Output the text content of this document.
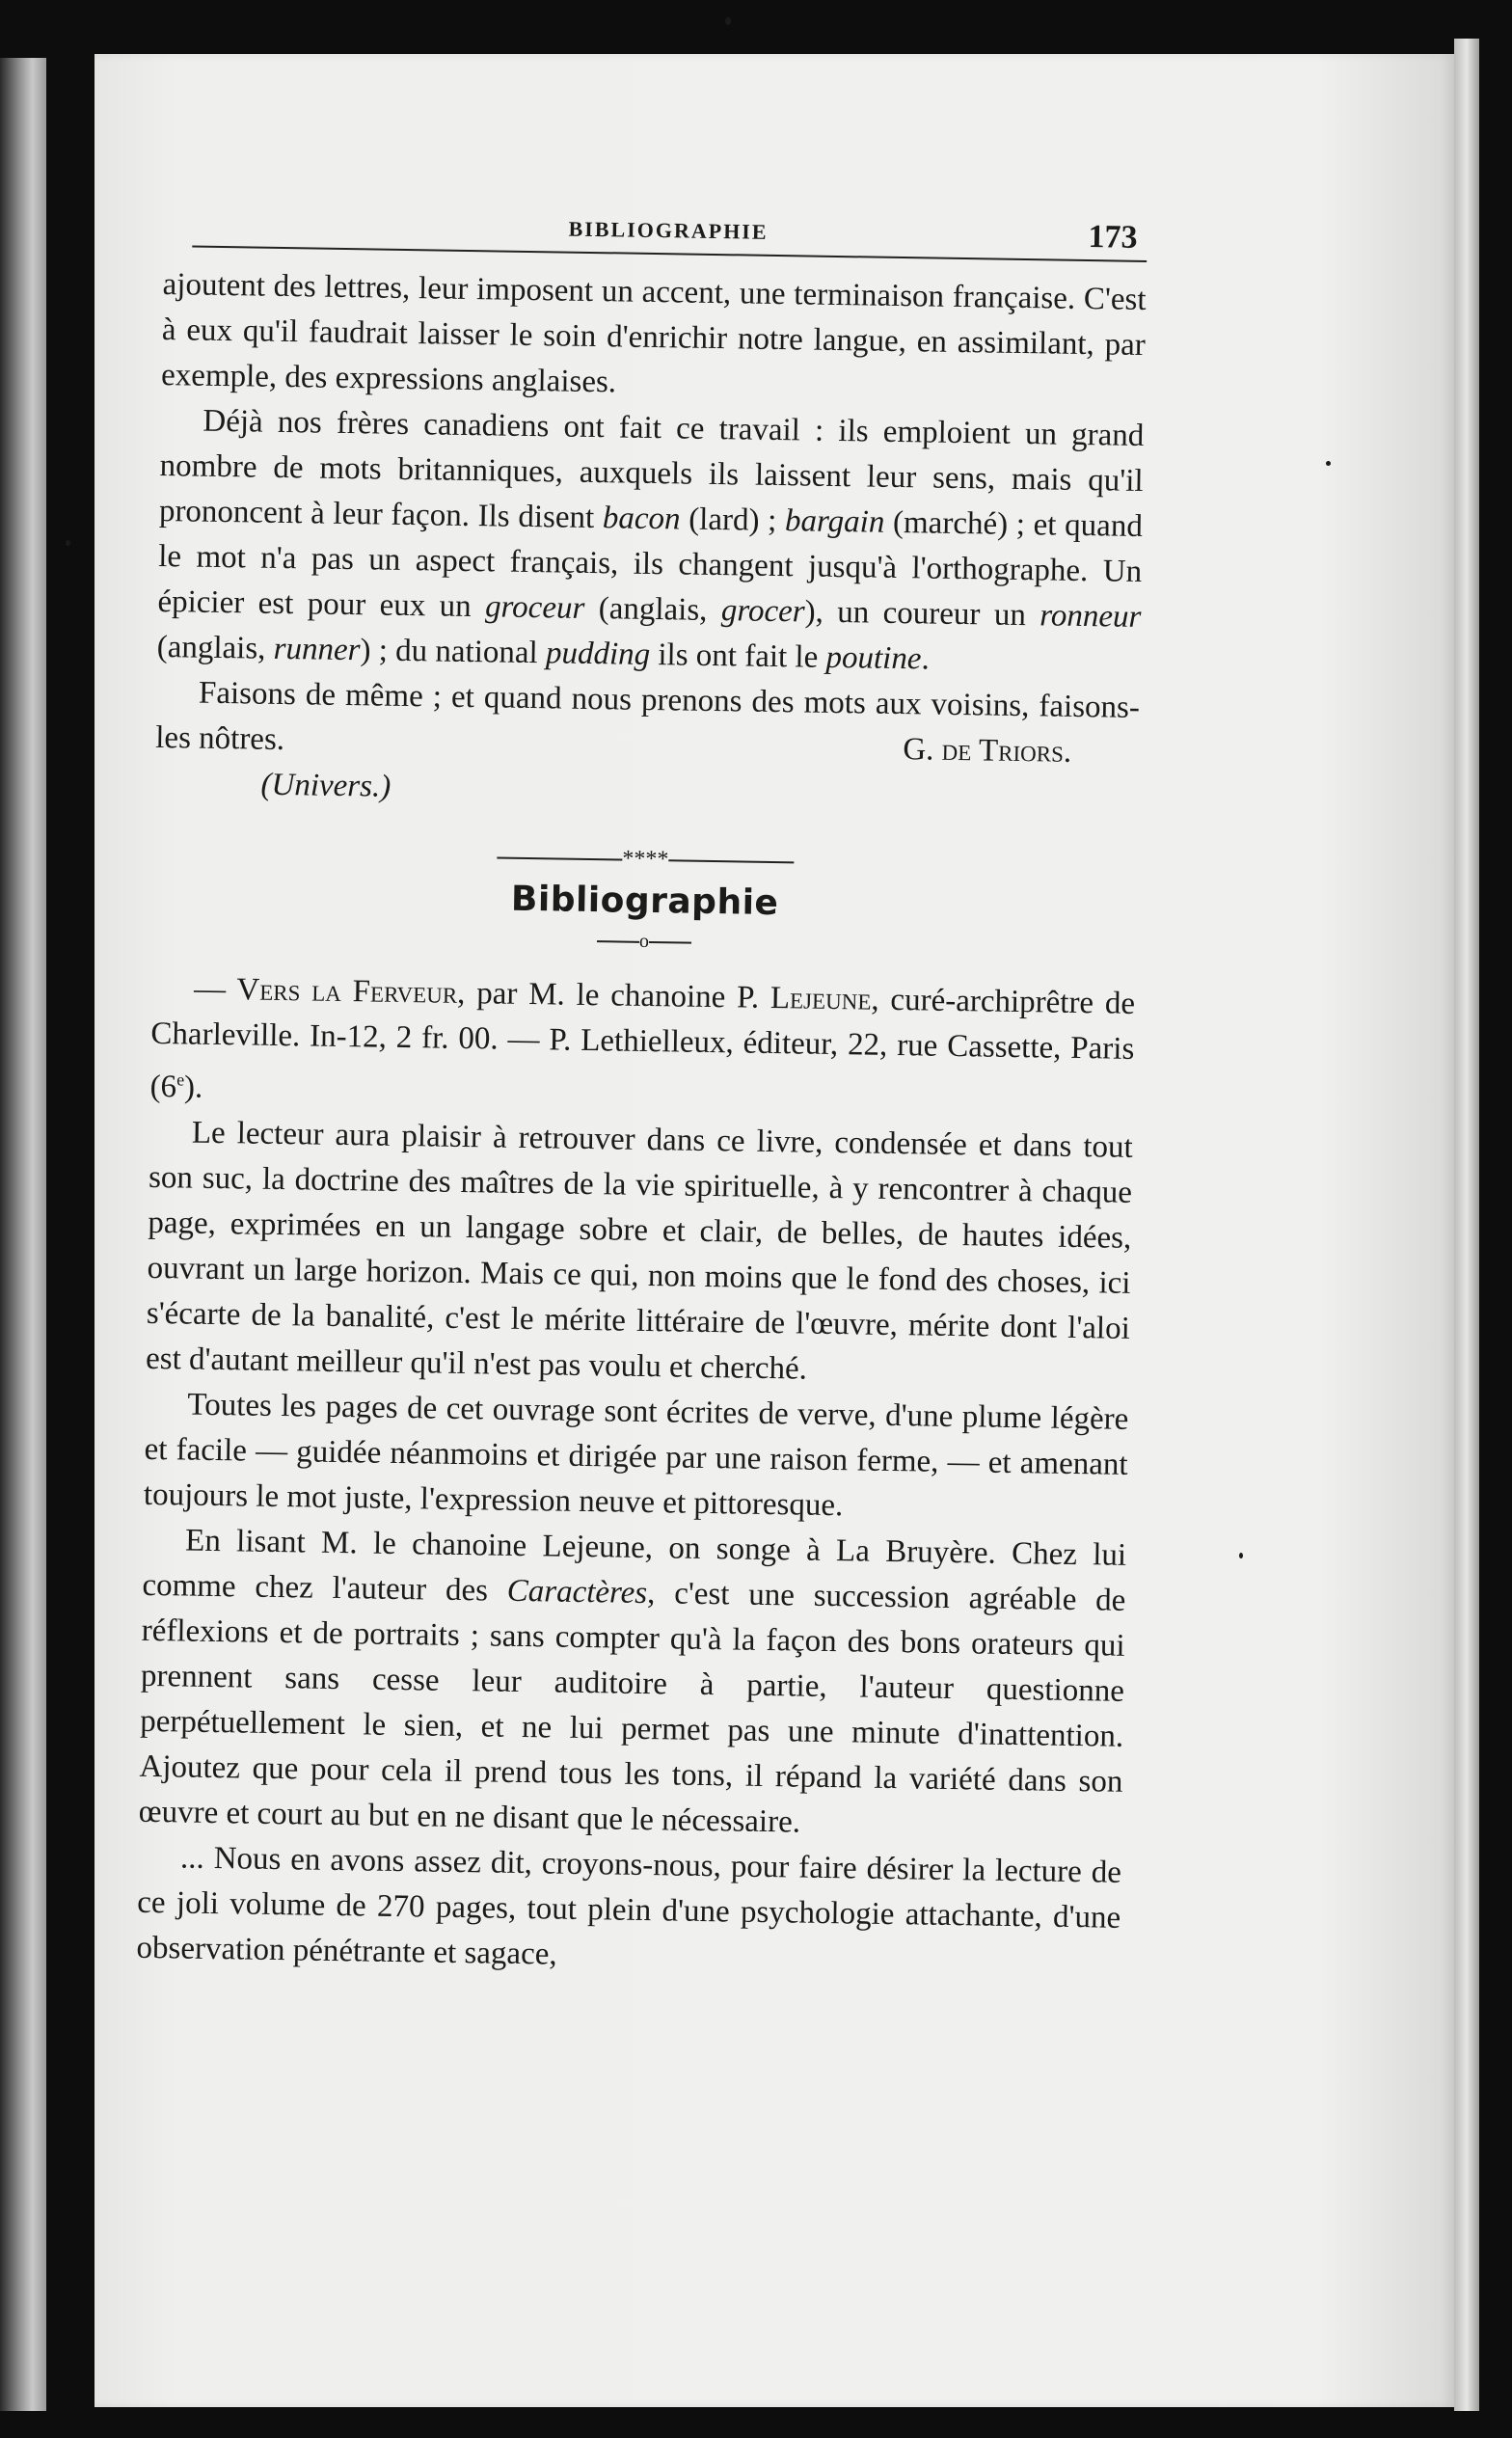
BIBLIOGRAPHIE	173

ajoutent des lettres, leur imposent un accent, une terminaison française. C'est à eux qu'il faudrait laisser le soin d'enrichir notre langue, en assimilant, par exemple, des expressions anglaises.

Déjà nos frères canadiens ont fait ce travail : ils emploient un grand nombre de mots britanniques, auxquels ils laissent leur sens, mais qu'il prononcent à leur façon. Ils disent bacon (lard) ; bargain (marché) ; et quand le mot n'a pas un aspect français, ils changent jusqu'à l'orthographe. Un épicier est pour eux un groceur (anglais, grocer), un coureur un ronneur (anglais, runner) ; du national pudding ils ont fait le poutine.

Faisons de même ; et quand nous prenons des mots aux voisins, faisons-les nôtres.	G. de Triors.
(Univers.)
****
Bibliographie
o

— Vers la Ferveur, par M. le chanoine P. Lejeune, curé-archiprêtre de Charleville. In-12, 2 fr. 00. — P. Lethielleux, éditeur, 22, rue Cassette, Paris (6e).

Le lecteur aura plaisir à retrouver dans ce livre, condensée et dans tout son suc, la doctrine des maîtres de la vie spirituelle, à y rencontrer à chaque page, exprimées en un langage sobre et clair, de belles, de hautes idées, ouvrant un large horizon. Mais ce qui, non moins que le fond des choses, ici s'écarte de la banalité, c'est le mérite littéraire de l'œuvre, mérite dont l'aloi est d'autant meilleur qu'il n'est pas voulu et cherché.

Toutes les pages de cet ouvrage sont écrites de verve, d'une plume légère et facile — guidée néanmoins et dirigée par une raison ferme, — et amenant toujours le mot juste, l'expression neuve et pittoresque.

En lisant M. le chanoine Lejeune, on songe à La Bruyère. Chez lui comme chez l'auteur des Caractères, c'est une succession agréable de réflexions et de portraits ; sans compter qu'à la façon des bons orateurs qui prennent sans cesse leur auditoire à partie, l'auteur questionne perpétuellement le sien, et ne lui permet pas une minute d'inattention. Ajoutez que pour cela il prend tous les tons, il répand la variété dans son œuvre et court au but en ne disant que le nécessaire.

... Nous en avons assez dit, croyons-nous, pour faire désirer la lecture de ce joli volume de 270 pages, tout plein d'une psychologie attachante, d'une observation pénétrante et sagace,
